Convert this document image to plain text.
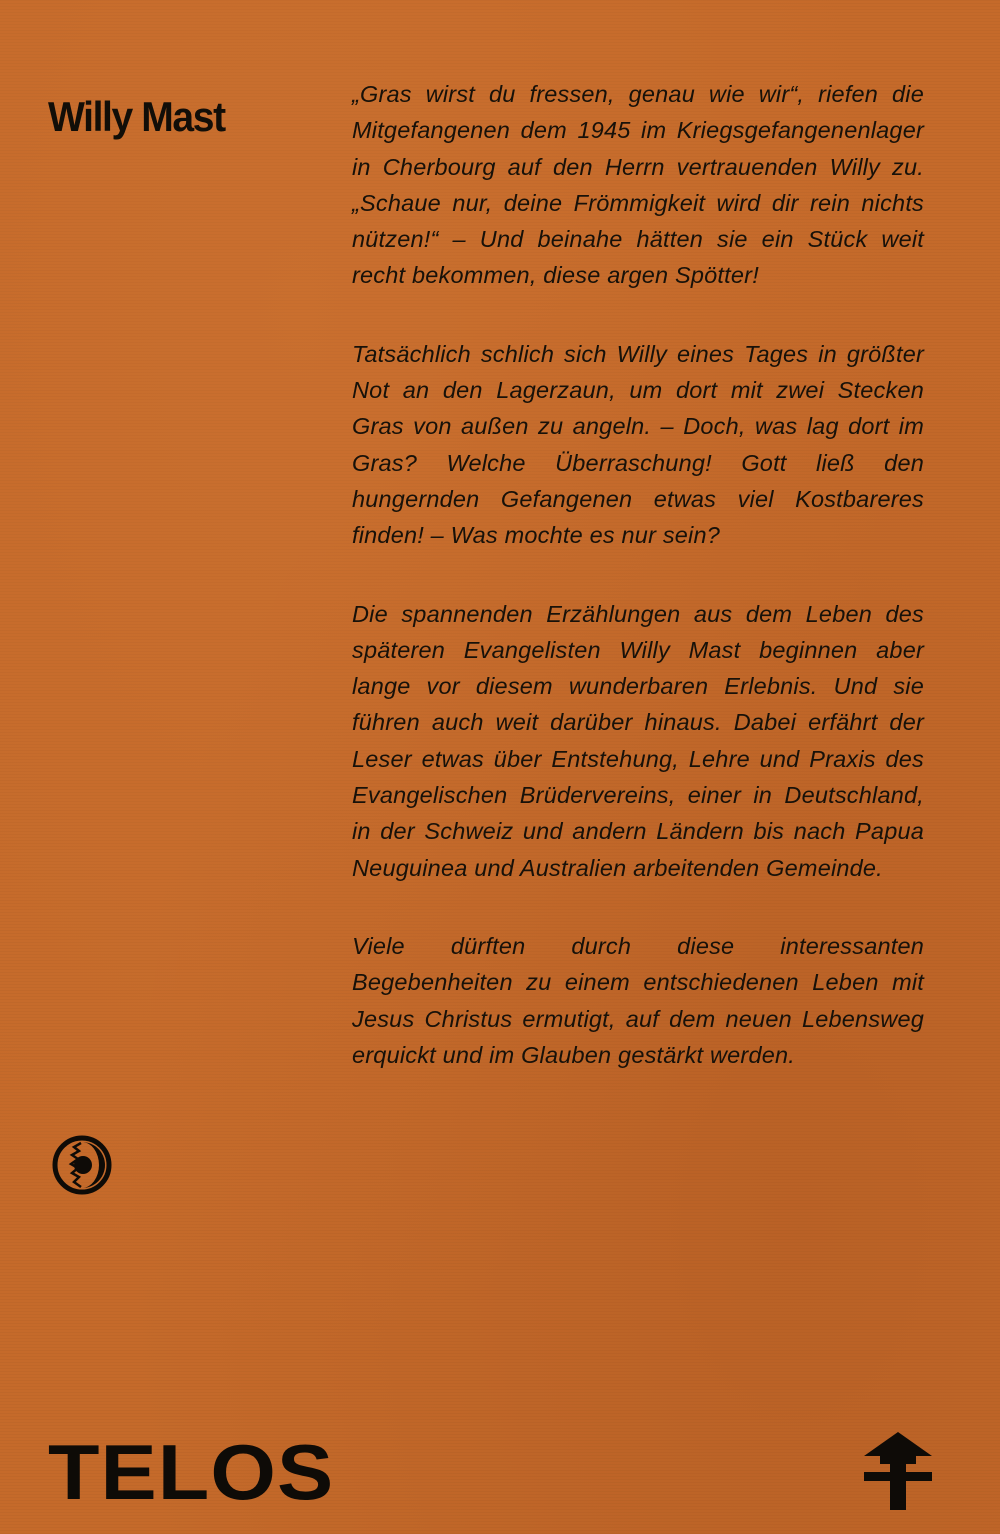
Willy Mast	„Gras wirst du fressen, genau wie wir“, riefen die Mitgefangenen dem 1945 im Kriegsgefangenenlager in Cherbourg auf den Herrn vertrauenden Willy zu. „Schaue nur, deine Frömmigkeit wird dir rein nichts nützen!“ – Und beinahe hätten sie ein Stück weit recht bekommen, diese argen Spötter!

Tatsächlich schlich sich Willy eines Tages in größter Not an den Lagerzaun, um dort mit zwei Stecken Gras von außen zu angeln. – Doch, was lag dort im Gras? Welche Überraschung! Gott ließ den hungernden Gefangenen etwas viel Kostbareres finden! – Was mochte es nur sein?

Die spannenden Erzählungen aus dem Leben des späteren Evangelisten Willy Mast beginnen aber lange vor diesem wunderbaren Erlebnis. Und sie führen auch weit darüber hinaus. Dabei erfährt der Leser etwas über Entstehung, Lehre und Praxis des Evangelischen Brüdervereins, einer in Deutschland, in der Schweiz und andern Ländern bis nach Papua Neuguinea und Australien arbeitenden Gemeinde.

Viele dürften durch diese interessanten Begebenheiten zu einem entschiedenen Leben mit Jesus Christus ermutigt, auf dem neuen Lebensweg erquickt und im Glauben gestärkt werden.

TELOS
